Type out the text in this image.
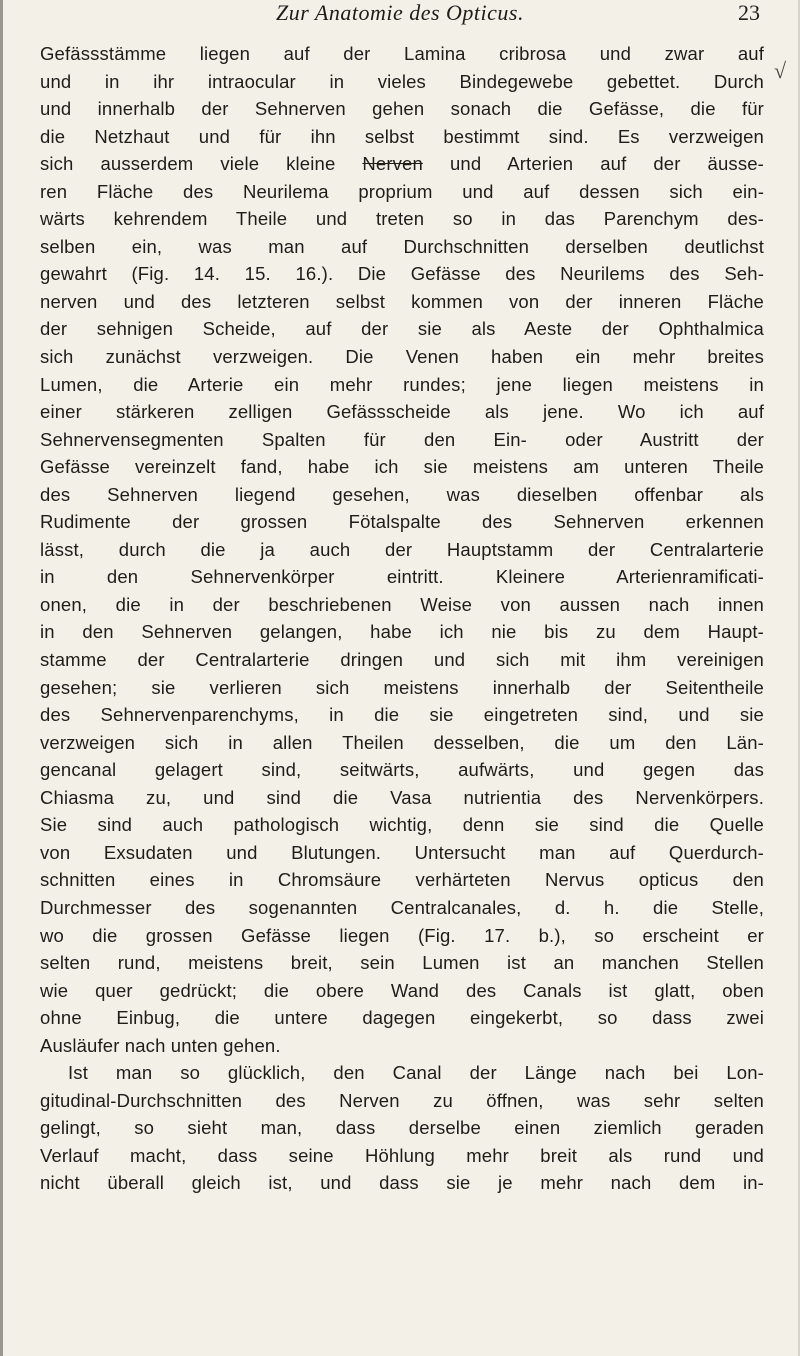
Zur Anatomie des Opticus.	23
√
Gefässstämme liegen auf der Lamina cribrosa und zwar auf
und in ihr intraocular in vieles Bindegewebe gebettet. Durch
und innerhalb der Sehnerven gehen sonach die Gefässe, die für
die Netzhaut und für ihn selbst bestimmt sind. Es verzweigen
sich ausserdem viele kleine Nerven und Arterien auf der äusse-
ren Fläche des Neurilema proprium und auf dessen sich ein-
wärts kehrendem Theile und treten so in das Parenchym des-
selben ein, was man auf Durchschnitten derselben deutlichst
gewahrt (Fig. 14. 15. 16.). Die Gefässe des Neurilems des Seh-
nerven und des letzteren selbst kommen von der inneren Fläche
der sehnigen Scheide, auf der sie als Aeste der Ophthalmica
sich zunächst verzweigen. Die Venen haben ein mehr breites
Lumen, die Arterie ein mehr rundes; jene liegen meistens in
einer stärkeren zelligen Gefässscheide als jene. Wo ich auf
Sehnervensegmenten Spalten für den Ein- oder Austritt der
Gefässe vereinzelt fand, habe ich sie meistens am unteren Theile
des Sehnerven liegend gesehen, was dieselben offenbar als
Rudimente der grossen Fötalspalte des Sehnerven erkennen
lässt, durch die ja auch der Hauptstamm der Centralarterie
in den Sehnervenkörper eintritt. Kleinere Arterienramificati-
onen, die in der beschriebenen Weise von aussen nach innen
in den Sehnerven gelangen, habe ich nie bis zu dem Haupt-
stamme der Centralarterie dringen und sich mit ihm vereinigen
gesehen; sie verlieren sich meistens innerhalb der Seitentheile
des Sehnervenparenchyms, in die sie eingetreten sind, und sie
verzweigen sich in allen Theilen desselben, die um den Län-
gencanal gelagert sind, seitwärts, aufwärts, und gegen das
Chiasma zu, und sind die Vasa nutrientia des Nervenkörpers.
Sie sind auch pathologisch wichtig, denn sie sind die Quelle
von Exsudaten und Blutungen. Untersucht man auf Querdurch-
schnitten eines in Chromsäure verhärteten Nervus opticus den
Durchmesser des sogenannten Centralcanales, d. h. die Stelle,
wo die grossen Gefässe liegen (Fig. 17. b.), so erscheint er
selten rund, meistens breit, sein Lumen ist an manchen Stellen
wie quer gedrückt; die obere Wand des Canals ist glatt, oben
ohne Einbug, die untere dagegen eingekerbt, so dass zwei
Ausläufer nach unten gehen.
Ist man so glücklich, den Canal der Länge nach bei Lon-
gitudinal-Durchschnitten des Nerven zu öffnen, was sehr selten
gelingt, so sieht man, dass derselbe einen ziemlich geraden
Verlauf macht, dass seine Höhlung mehr breit als rund und
nicht überall gleich ist, und dass sie je mehr nach dem in-
